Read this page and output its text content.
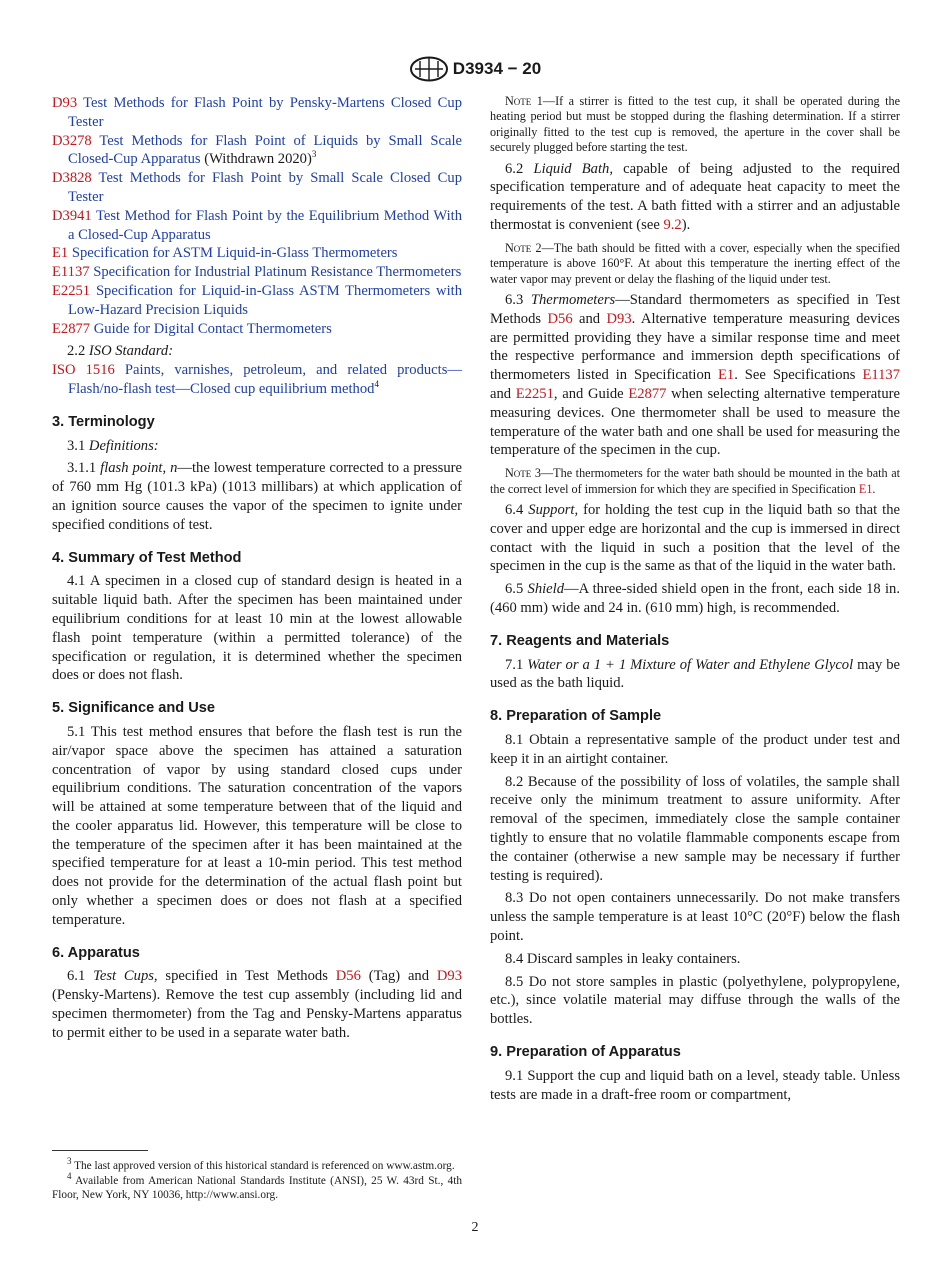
D3934 − 20

D93 Test Methods for Flash Point by Pensky-Martens Closed Cup Tester

D3278 Test Methods for Flash Point of Liquids by Small Scale Closed-Cup Apparatus (Withdrawn 2020)$^3$

D3828 Test Methods for Flash Point by Small Scale Closed Cup Tester

D3941 Test Method for Flash Point by the Equilibrium Method With a Closed-Cup Apparatus

E1 Specification for ASTM Liquid-in-Glass Thermometers

E1137 Specification for Industrial Platinum Resistance Thermometers

E2251 Specification for Liquid-in-Glass ASTM Thermometers with Low-Hazard Precision Liquids

E2877 Guide for Digital Contact Thermometers

2.2 ISO Standard:

ISO 1516 Paints, varnishes, petroleum, and related products—Flash/no-flash test—Closed cup equilibrium method$^4$

3. Terminology

3.1 Definitions:

3.1.1 flash point, n—the lowest temperature corrected to a pressure of 760 mm Hg (101.3 kPa) (1013 millibars) at which application of an ignition source causes the vapor of the specimen to ignite under specified conditions of test.

4. Summary of Test Method

4.1 A specimen in a closed cup of standard design is heated in a suitable liquid bath. After the specimen has been maintained under equilibrium conditions for at least 10 min at the lowest allowable flash point temperature (within a permitted tolerance) of the specification or regulation, it is determined whether the specimen does or does not flash.

5. Significance and Use

5.1 This test method ensures that before the flash test is run the air/vapor space above the specimen has attained a saturation concentration of vapor by using standard closed cups under equilibrium conditions. The saturation concentration of the vapors will be attained at some temperature between that of the liquid and the cooler apparatus lid. However, this temperature will be close to the temperature of the specimen after it has been maintained at the specified temperature for at least a 10-min period. This test method does not provide for the determination of the actual flash point but only whether a specimen does or does not flash at a specified temperature.

6. Apparatus

6.1 Test Cups, specified in Test Methods D56 (Tag) and D93 (Pensky-Martens). Remove the test cup assembly (including lid and specimen thermometer) from the Tag and Pensky-Martens apparatus to permit either to be used in a separate water bath.

Note 1—If a stirrer is fitted to the test cup, it shall be operated during the heating period but must be stopped during the flashing determination. If a stirrer originally fitted to the test cup is removed, the aperture in the cover shall be securely plugged before starting the test.

6.2 Liquid Bath, capable of being adjusted to the required specification temperature and of adequate heat capacity to meet the requirements of the test. A bath fitted with a stirrer and an adjustable thermostat is convenient (see 9.2).

Note 2—The bath should be fitted with a cover, especially when the specified temperature is above 160°F. At about this temperature the inerting effect of the water vapor may prevent or delay the flashing of the liquid under test.

6.3 Thermometers—Standard thermometers as specified in Test Methods D56 and D93. Alternative temperature measuring devices are permitted providing they have a similar response time and meet the respective performance and immersion depth specifications of thermometers listed in Specification E1. See Specifications E1137 and E2251, and Guide E2877 when selecting alternative temperature measuring devices. One thermometer shall be used to measure the temperature of the water bath and one shall be used for measuring the temperature of the specimen in the cup.

Note 3—The thermometers for the water bath should be mounted in the bath at the correct level of immersion for which they are specified in Specification E1.

6.4 Support, for holding the test cup in the liquid bath so that the cover and upper edge are horizontal and the cup is immersed in direct contact with the liquid in such a position that the level of the specimen in the cup is the same as that of the liquid in the water bath.

6.5 Shield—A three-sided shield open in the front, each side 18 in. (460 mm) wide and 24 in. (610 mm) high, is recommended.

7. Reagents and Materials

7.1 Water or a 1 + 1 Mixture of Water and Ethylene Glycol may be used as the bath liquid.

8. Preparation of Sample

8.1 Obtain a representative sample of the product under test and keep it in an airtight container.

8.2 Because of the possibility of loss of volatiles, the sample shall receive only the minimum treatment to assure uniformity. After removal of the specimen, immediately close the sample container tightly to ensure that no volatile flammable components escape from the container (otherwise a new sample may be necessary if further testing is required).

8.3 Do not open containers unnecessarily. Do not make transfers unless the sample temperature is at least 10°C (20°F) below the flash point.

8.4 Discard samples in leaky containers.

8.5 Do not store samples in plastic (polyethylene, polypropylene, etc.), since volatile material may diffuse through the walls of the bottles.

9. Preparation of Apparatus

9.1 Support the cup and liquid bath on a level, steady table. Unless tests are made in a draft-free room or compartment,

$^3$ The last approved version of this historical standard is referenced on www.astm.org.

$^4$ Available from American National Standards Institute (ANSI), 25 W. 43rd St., 4th Floor, New York, NY 10036, http://www.ansi.org.

2
